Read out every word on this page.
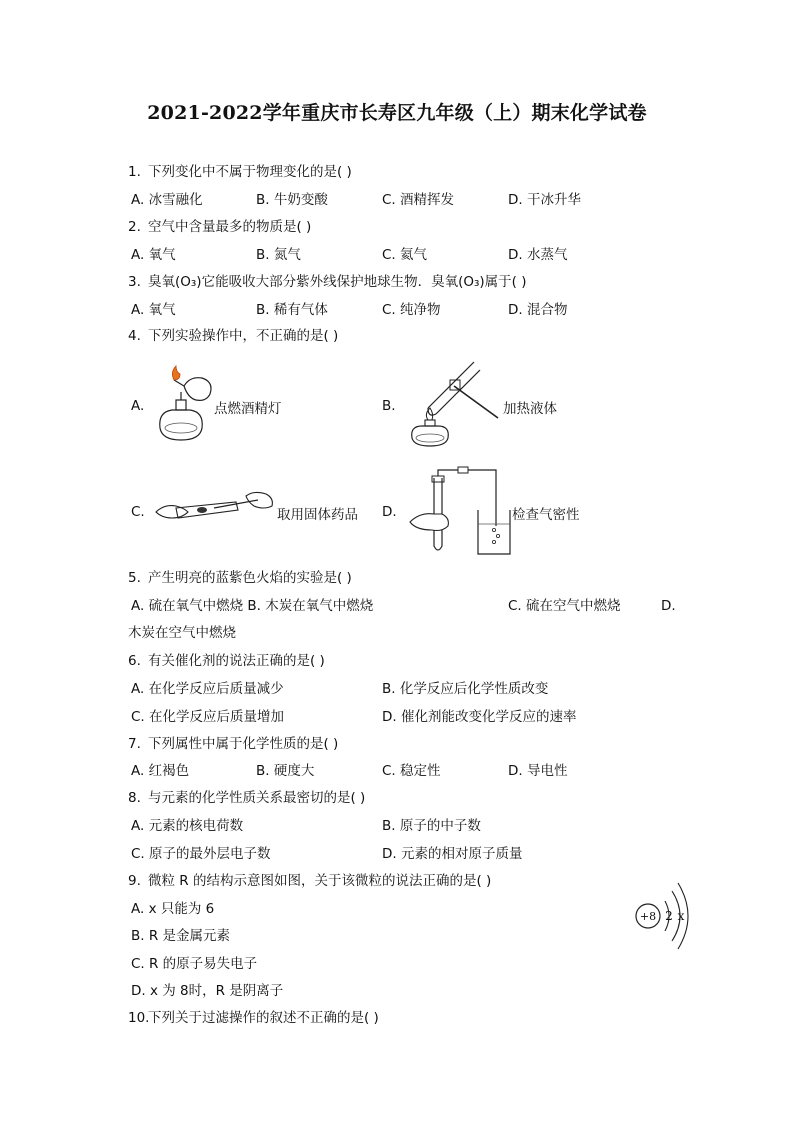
2021-2022学年重庆市长寿区九年级（上）期末化学试卷
1. 下列变化中不属于物理变化的是( )
A. 冰雪融化	B. 牛奶变酸	C. 酒精挥发	D. 干冰升华
2. 空气中含量最多的物质是( )
A. 氧气	B. 氮气	C. 氦气	D. 水蒸气
3. 臭氧(O₃)它能吸收大部分紫外线保护地球生物．臭氧(O₃)属于( )
A. 氧气	B. 稀有气体	C. 纯净物	D. 混合物
4. 下列实验操作中，不正确的是( )
A.	点燃酒精灯	B.	加热液体
C.	取用固体药品 D.	检查气密性
5. 产生明亮的蓝紫色火焰的实验是( )
A. 硫在氧气中燃烧 B. 木炭在氧气中燃烧	C. 硫在空气中燃烧	D.
木炭在空气中燃烧
6. 有关催化剂的说法正确的是( )
A. 在化学反应后质量减少	B. 化学反应后化学性质改变
C. 在化学反应后质量增加	D. 催化剂能改变化学反应的速率
7. 下列属性中属于化学性质的是( )
A. 红褐色	B. 硬度大	C. 稳定性	D. 导电性
8. 与元素的化学性质关系最密切的是( )
A. 元素的核电荷数	B. 原子的中子数
C. 原子的最外层电子数	D. 元素的相对原子质量
9. 微粒 R 的结构示意图如图，关于该微粒的说法正确的是( )
A. x 只能为 6
B. R 是金属元素
C. R 的原子易失电子
D. x 为 8时，R 是阴离子
+8 2 x
10.下列关于过滤操作的叙述不正确的是( )
